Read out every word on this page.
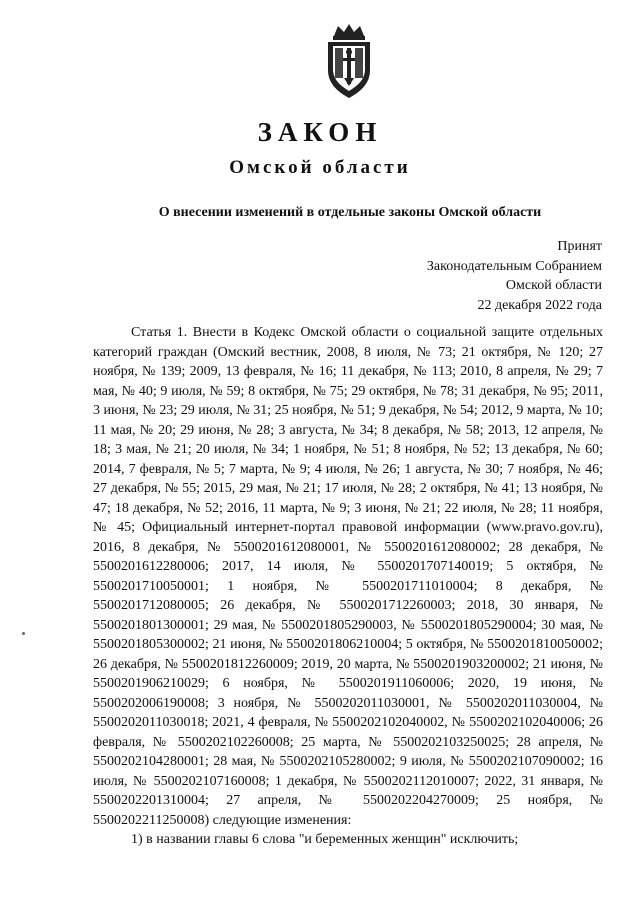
ЗАКОН
Омской области
О внесении изменений в отдельные законы Омской области
Принят
Законодательным Собранием
Омской области
22 декабря 2022 года

Статья 1. Внести в Кодекс Омской области о социальной защите отдельных категорий граждан (Омский вестник, 2008, 8 июля, № 73; 21 октября, № 120; 27 ноября, № 139; 2009, 13 февраля, № 16; 11 декабря, № 113; 2010, 8 апреля, № 29; 7 мая, № 40; 9 июля, № 59; 8 октября, № 75; 29 октября, № 78; 31 декабря, № 95; 2011, 3 июня, № 23; 29 июля, № 31; 25 ноября, № 51; 9 декабря, № 54; 2012, 9 марта, № 10; 11 мая, № 20; 29 июня, № 28; 3 августа, № 34; 8 декабря, № 58; 2013, 12 апреля, № 18; 3 мая, № 21; 20 июля, № 34; 1 ноября, № 51; 8 ноября, № 52; 13 декабря, № 60; 2014, 7 февраля, № 5; 7 марта, № 9; 4 июля, № 26; 1 августа, № 30; 7 ноября, № 46; 27 декабря, № 55; 2015, 29 мая, № 21; 17 июля, № 28; 2 октября, № 41; 13 ноября, № 47; 18 декабря, № 52; 2016, 11 марта, № 9; 3 июня, № 21; 22 июля, № 28; 11 ноября, № 45; Официальный интернет-портал правовой информации (www.pravo.gov.ru), 2016, 8 декабря, № 5500201612080001, № 5500201612080002; 28 декабря, № 5500201612280006; 2017, 14 июля, № 5500201707140019; 5 октября, № 5500201710050001; 1 ноября, № 5500201711010004; 8 декабря, № 5500201712080005; 26 декабря, № 5500201712260003; 2018, 30 января, № 5500201801300001; 29 мая, № 5500201805290003, № 5500201805290004; 30 мая, № 5500201805300002; 21 июня, № 5500201806210004; 5 октября, № 5500201810050002; 26 декабря, № 5500201812260009; 2019, 20 марта, № 5500201903200002; 21 июня, № 5500201906210029; 6 ноября, № 5500201911060006; 2020, 19 июня, № 5500202006190008; 3 ноября, № 5500202011030001, № 5500202011030004, № 5500202011030018; 2021, 4 февраля, № 5500202102040002, № 5500202102040006; 26 февраля, № 5500202102260008; 25 марта, № 5500202103250025; 28 апреля, № 5500202104280001; 28 мая, № 5500202105280002; 9 июля, № 5500202107090002; 16 июля, № 5500202107160008; 1 декабря, № 5500202112010007; 2022, 31 января, № 5500202201310004; 27 апреля, № 5500202204270009; 25 ноября, № 5500202211250008) следующие изменения:

1) в названии главы 6 слова "и беременных женщин" исключить;
